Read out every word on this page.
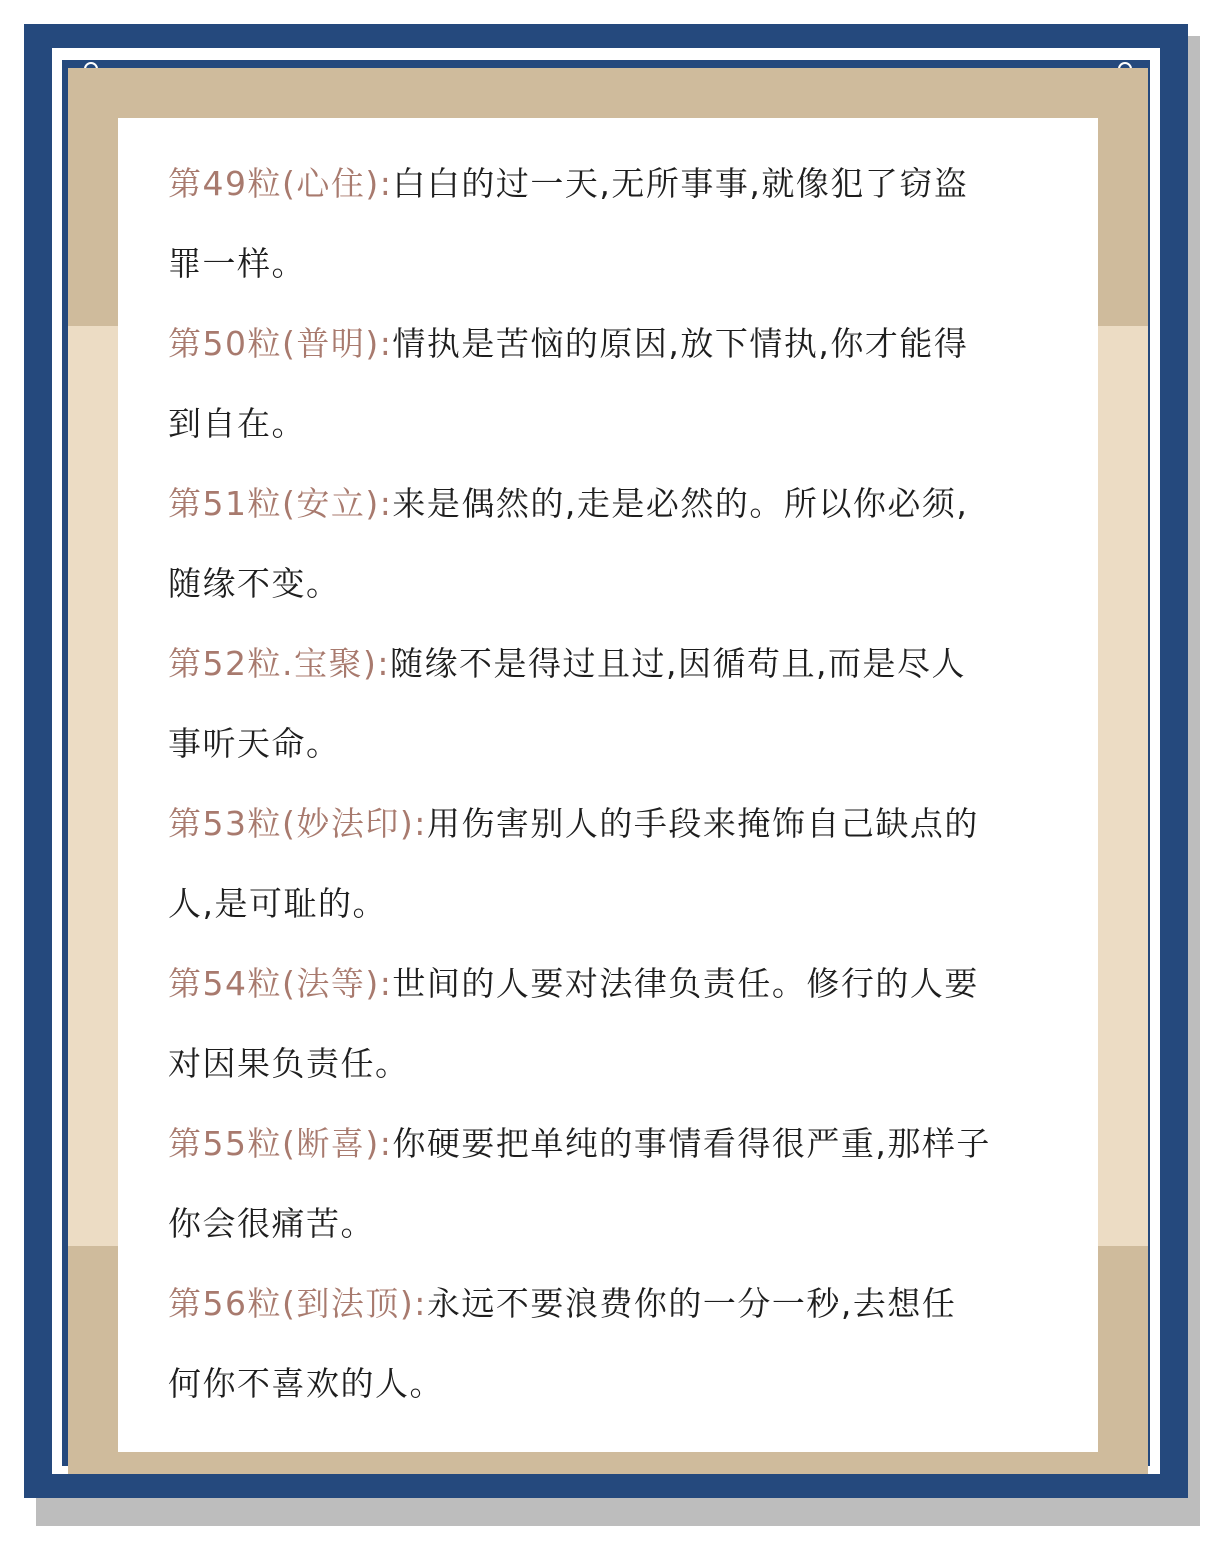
第49粒(心住):白白的过一天,无所事事,就像犯了窃盗
罪一样。
第50粒(普明):情执是苦恼的原因,放下情执,你才能得
到自在。
第51粒(安立):来是偶然的,走是必然的。所以你必须,
随缘不变。
第52粒.宝聚):随缘不是得过且过,因循苟且,而是尽人
事听天命。
第53粒(妙法印):用伤害别人的手段来掩饰自己缺点的
人,是可耻的。
第54粒(法等):世间的人要对法律负责任。修行的人要
对因果负责任。
第55粒(断喜):你硬要把单纯的事情看得很严重,那样子
你会很痛苦。
第56粒(到法顶):永远不要浪费你的一分一秒,去想任
何你不喜欢的人。
